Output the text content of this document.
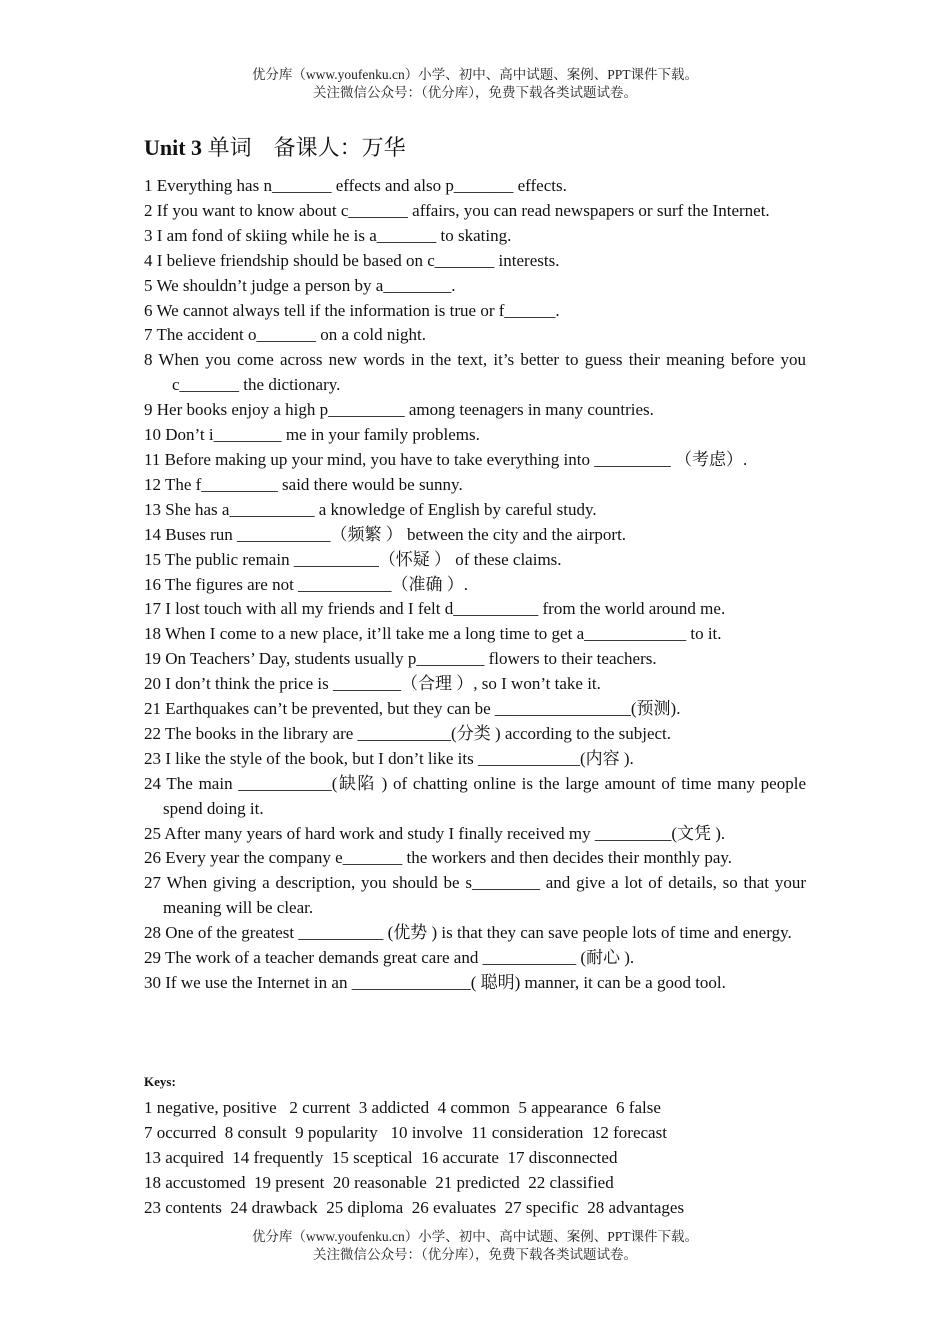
优分库（www.youfenku.cn）小学、初中、高中试题、案例、PPT课件下载。
关注微信公众号：（优分库），免费下载各类试题试卷。
Unit 3 单词　备课人：万华
1 Everything has n_______ effects and also p_______ effects.
2 If you want to know about c_______ affairs, you can read newspapers or surf the Internet.
3 I am fond of skiing while he is a_______ to skating.
4 I believe friendship should be based on c_______ interests.
5 We shouldn’t judge a person by a________.
6 We cannot always tell if the information is true or f______.
7 The accident o_______ on a cold night.
8 When you come across new words in the text, it’s better to guess their meaning before you c_______ the dictionary.
9 Her books enjoy a high p_________ among teenagers in many countries.
10 Don’t i________ me in your family problems.
11 Before making up your mind, you have to take everything into _________ （考虑）.
12 The f_________ said there would be sunny.
13 She has a__________ a knowledge of English by careful study.
14 Buses run ___________（频繁 ） between the city and the airport.
15 The public remain __________（怀疑 ） of these claims.
16 The figures are not ___________（准确 ）.
17 I lost touch with all my friends and I felt d__________ from the world around me.
18 When I come to a new place, it’ll take me a long time to get a____________ to it.
19 On Teachers’ Day, students usually p________ flowers to their teachers.
20 I don’t think the price is ________（合理 ）, so I won’t take it.
21 Earthquakes can’t be prevented, but they can be ________________(预测).
22 The books in the library are ___________(分类 ) according to the subject.
23 I like the style of the book, but I don’t like its ____________(内容 ).
24 The main ___________(缺陷 ) of chatting online is the large amount of time many people spend doing it.
25 After many years of hard work and study I finally received my _________(文凭 ).
26 Every year the company e_______ the workers and then decides their monthly pay.
27 When giving a description, you should be s________ and give a lot of details, so that your meaning will be clear.
28 One of the greatest __________ (优势 ) is that they can save people lots of time and energy.
29 The work of a teacher demands great care and ___________ (耐心 ).
30 If we use the Internet in an ______________( 聪明) manner, it can be a good tool.
Keys:
1 negative, positive   2 current  3 addicted  4 common  5 appearance  6 false
7 occurred  8 consult  9 popularity   10 involve  11 consideration  12 forecast
13 acquired  14 frequently  15 sceptical  16 accurate  17 disconnected
18 accustomed  19 present  20 reasonable  21 predicted  22 classified
23 contents  24 drawback  25 diploma  26 evaluates  27 specific  28 advantages
优分库（www.youfenku.cn）小学、初中、高中试题、案例、PPT课件下载。
关注微信公众号：（优分库），免费下载各类试题试卷。
